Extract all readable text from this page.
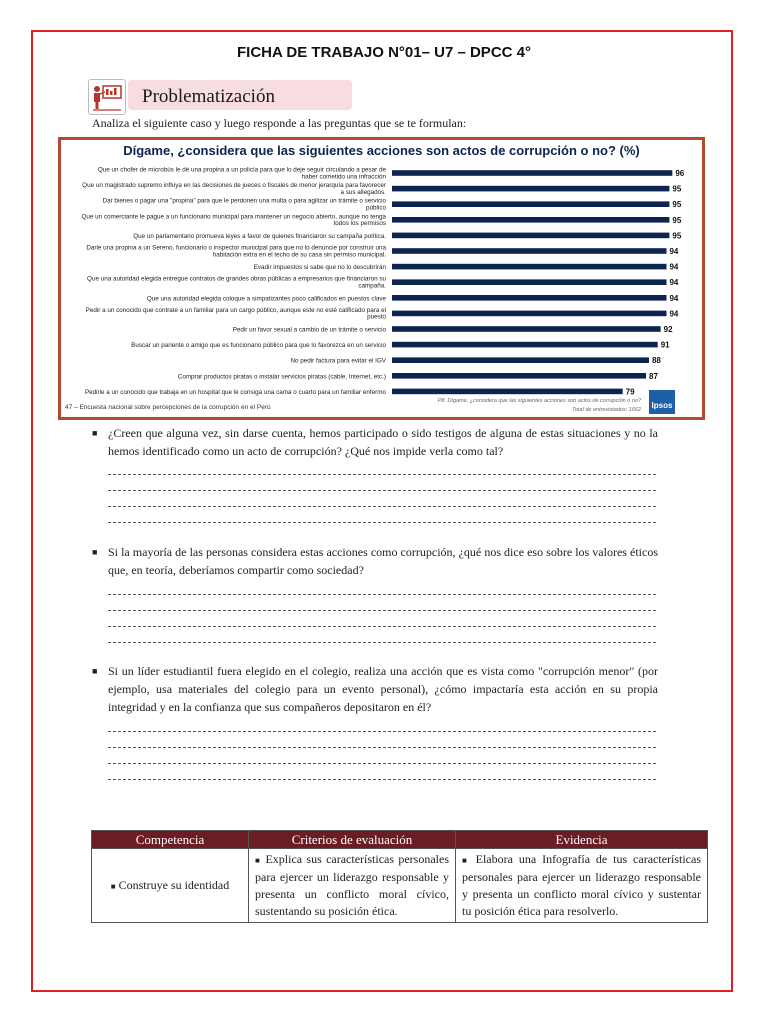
FICHA DE TRABAJO N°01– U7 – DPCC 4°
Problematización
Analiza el siguiente caso y luego responde a las preguntas que se te formulan:
Dígame, ¿considera que las siguientes acciones son actos de corrupción o no? (%)
Que un chofer de microbús le dé una propina a un policía para que lo deje seguir circulando a pesar de haber cometido una infracción	96
Que un magistrado supremo influya en las decisiones de jueces o fiscales de menor jerarquía para favorecer a sus allegados.	95
Dar bienes o pagar una "propina" para que le perdonen una multa o para agilizar un trámite o servicio público	95
Que un comerciante le pague a un funcionario municipal para mantener un negocio abierto, aunque no tenga todos los permisos	95
Que un parlamentario promueva leyes a favor de quienes financiaron su campaña política.	95
Darle una propina a un Sereno, funcionario o inspector municipal para que no lo denuncie por construir una habitación extra en el techo de su casa sin permiso municipal.	94
Evadir impuestos si sabe que no lo descubrirán	94
Que una autoridad elegida entregue contratos de grandes obras públicas a empresarios que financiaron su campaña.	94
Que una autoridad elegida coloque a simpatizantes poco calificados en puestos clave	94
Pedir a un conocido que contrate a un familiar para un cargo público, aunque este no esté calificado para el puesto	94
Pedir un favor sexual a cambio de un trámite o servicio	92
Buscar un pariente o amigo que es funcionario público para que lo favorezca en un servicio	91
No pedir factura para evitar el IGV	88
Comprar productos piratas o instalar servicios piratas (cable, Internet, etc.)	87
Pedirle a un conocido que trabaja en un hospital que le consiga una cama o cuarto para un familiar enfermo	79
47 – Encuesta nacional sobre percepciones de la corrupción en el Perú
P8. Dígame, ¿considera que las siguientes acciones son actos de corrupción o no?
Total de entrevistados: 1662 Ipsos
■ ¿Creen que alguna vez, sin darse cuenta, hemos participado o sido testigos de alguna de estas situaciones y no la hemos identificado como un acto de corrupción? ¿Qué nos impide verla como tal?
■ Si la mayoría de las personas considera estas acciones como corrupción, ¿qué nos dice eso sobre los valores éticos que, en teoría, deberíamos compartir como sociedad?
■ Si un líder estudiantil fuera elegido en el colegio, realiza una acción que es vista como "corrupción menor" (por ejemplo, usa materiales del colegio para un evento personal), ¿cómo impactaría esta acción en su propia integridad y en la confianza que sus compañeros depositaron en él?
Competencia	Criterios de evaluación	Evidencia
■ Construye su identidad	■ Explica sus características personales para ejercer un liderazgo responsable y presenta un conflicto moral cívico, sustentando su posición ética.	■ Elabora una Infografía de tus características personales para ejercer un liderazgo responsable y presenta un conflicto moral cívico y sustentar tu posición ética para resolverlo.
